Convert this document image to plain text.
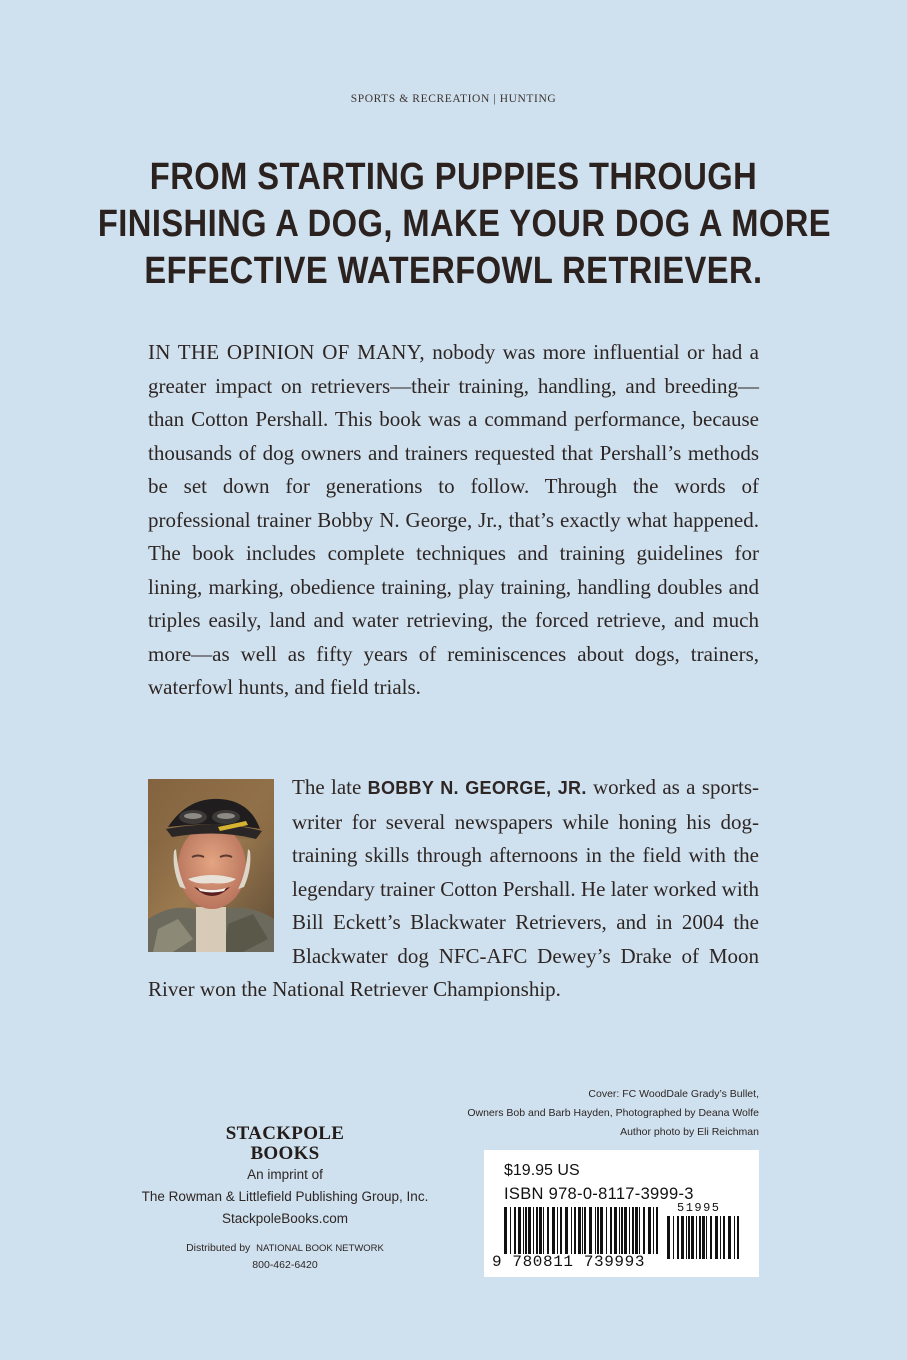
SPORTS & RECREATION | HUNTING
FROM STARTING PUPPIES THROUGH
FINISHING A DOG, MAKE YOUR DOG A MORE
EFFECTIVE WATERFOWL RETRIEVER.
IN THE OPINION OF MANY, nobody was more influential or had a greater impact on retrievers—their training, handling, and breeding—than Cotton Pershall. This book was a command performance, because thousands of dog owners and trainers requested that Pershall’s methods be set down for generations to follow. Through the words of professional trainer Bobby N. George, Jr., that’s exactly what happened. The book includes complete techniques and training guidelines for lining, marking, obedience training, play training, handling doubles and triples easily, land and water retrieving, the forced retrieve, and much more—as well as fifty years of reminiscences about dogs, trainers, waterfowl hunts, and field trials.
The late BOBBY N. GEORGE, JR. worked as a sports-writer for several newspapers while honing his dog-training skills through afternoons in the field with the legendary trainer Cotton Pershall. He later worked with Bill Eckett’s Blackwater Retrievers, and in 2004 the Blackwater dog NFC-AFC Dewey’s Drake of Moon River won the National Retriever Championship.
Cover: FC WoodDale Grady’s Bullet,
Owners Bob and Barb Hayden, Photographed by Deana Wolfe
Author photo by Eli Reichman
STACKPOLE
BOOKS
An imprint of
The Rowman & Littlefield Publishing Group, Inc.
StackpoleBooks.com
Distributed by NATIONAL BOOK NETWORK
800-462-6420
$19.95 US
ISBN 978-0-8117-3999-3
51995
9 780811 739993
